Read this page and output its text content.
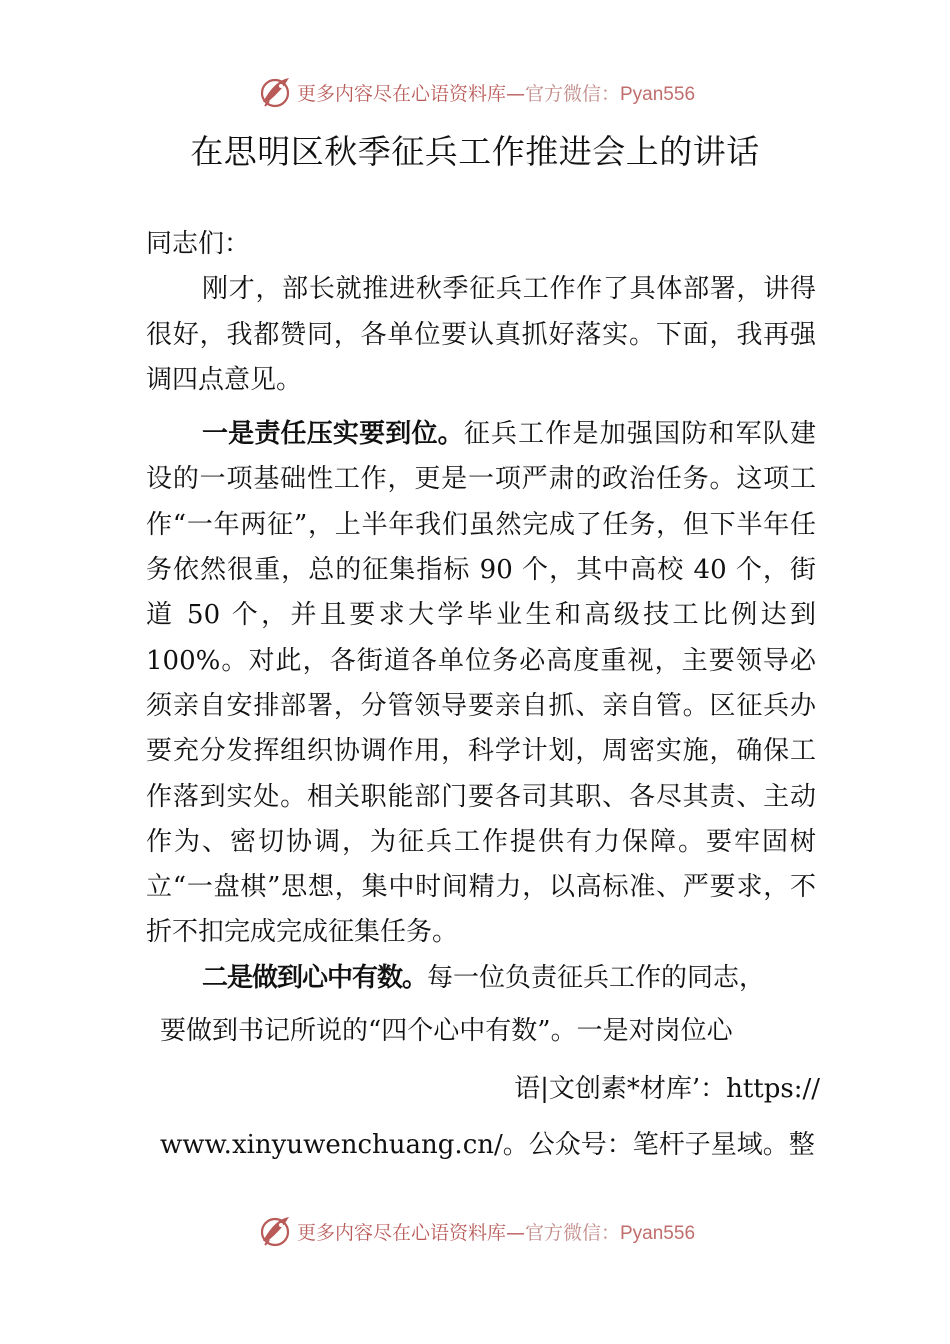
更多内容尽在心语资料库—官方微信：Pyan556
在思明区秋季征兵工作推进会上的讲话

同志们：

刚才，部长就推进秋季征兵工作作了具体部署，讲得很好，我都赞同，各单位要认真抓好落实。下面，我再强调四点意见。

一是责任压实要到位。征兵工作是加强国防和军队建设的一项基础性工作，更是一项严肃的政治任务。这项工作“一年两征”，上半年我们虽然完成了任务，但下半年任务依然很重，总的征集指标 90 个，其中高校 40 个，街道 50 个，并且要求大学毕业生和高级技工比例达到 100%。对此，各街道各单位务必高度重视，主要领导必须亲自安排部署，分管领导要亲自抓、亲自管。区征兵办要充分发挥组织协调作用，科学计划，周密实施，确保工作落到实处。相关职能部门要各司其职、各尽其责、主动作为、密切协调，为征兵工作提供有力保障。要牢固树立“一盘棋”思想，集中时间精力，以高标准、严要求，不折不扣完成完成征集任务。

二是做到心中有数。每一位负责征兵工作的同志，

要做到书记所说的“四个心中有数”。一是对岗位心
语|文创素*材库’：https://
www.xinyuwenchuang.cn/。公众号：笔杆子星域。整
更多内容尽在心语资料库—官方微信：Pyan556
